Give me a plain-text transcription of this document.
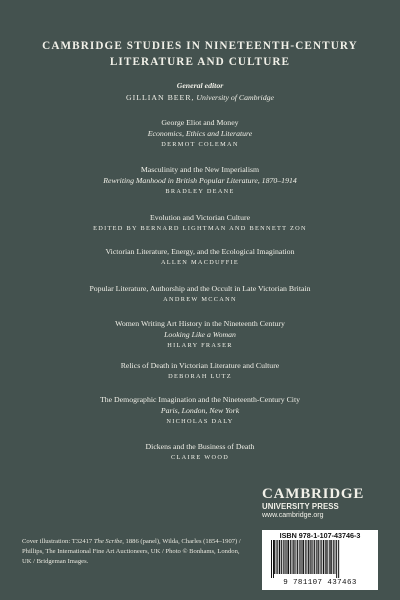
CAMBRIDGE STUDIES IN NINETEENTH-CENTURY
LITERATURE AND CULTURE
General editor
GILLIAN BEER, University of Cambridge
George Eliot and Money
Economics, Ethics and Literature
DERMOT COLEMAN
Masculinity and the New Imperialism
Rewriting Manhood in British Popular Literature, 1870–1914
BRADLEY DEANE
Evolution and Victorian Culture
EDITED BY BERNARD LIGHTMAN AND BENNETT ZON
Victorian Literature, Energy, and the Ecological Imagination
ALLEN MACDUFFIE
Popular Literature, Authorship and the Occult in Late Victorian Britain
ANDREW MCCANN
Women Writing Art History in the Nineteenth Century
Looking Like a Woman
HILARY FRASER
Relics of Death in Victorian Literature and Culture
DEBORAH LUTZ
The Demographic Imagination and the Nineteenth-Century City
Paris, London, New York
NICHOLAS DALY
Dickens and the Business of Death
CLAIRE WOOD
CAMBRIDGE
UNIVERSITY PRESS
www.cambridge.org
Cover illustration: T32417 The Scribe, 1886 (panel), Wilda, Charles (1854–1907) / Phillips, The International Fine Art Auctioneers, UK / Photo © Bonhams, London, UK / Bridgeman Images.
ISBN 978-1-107-43746-3
9 781107 437463
